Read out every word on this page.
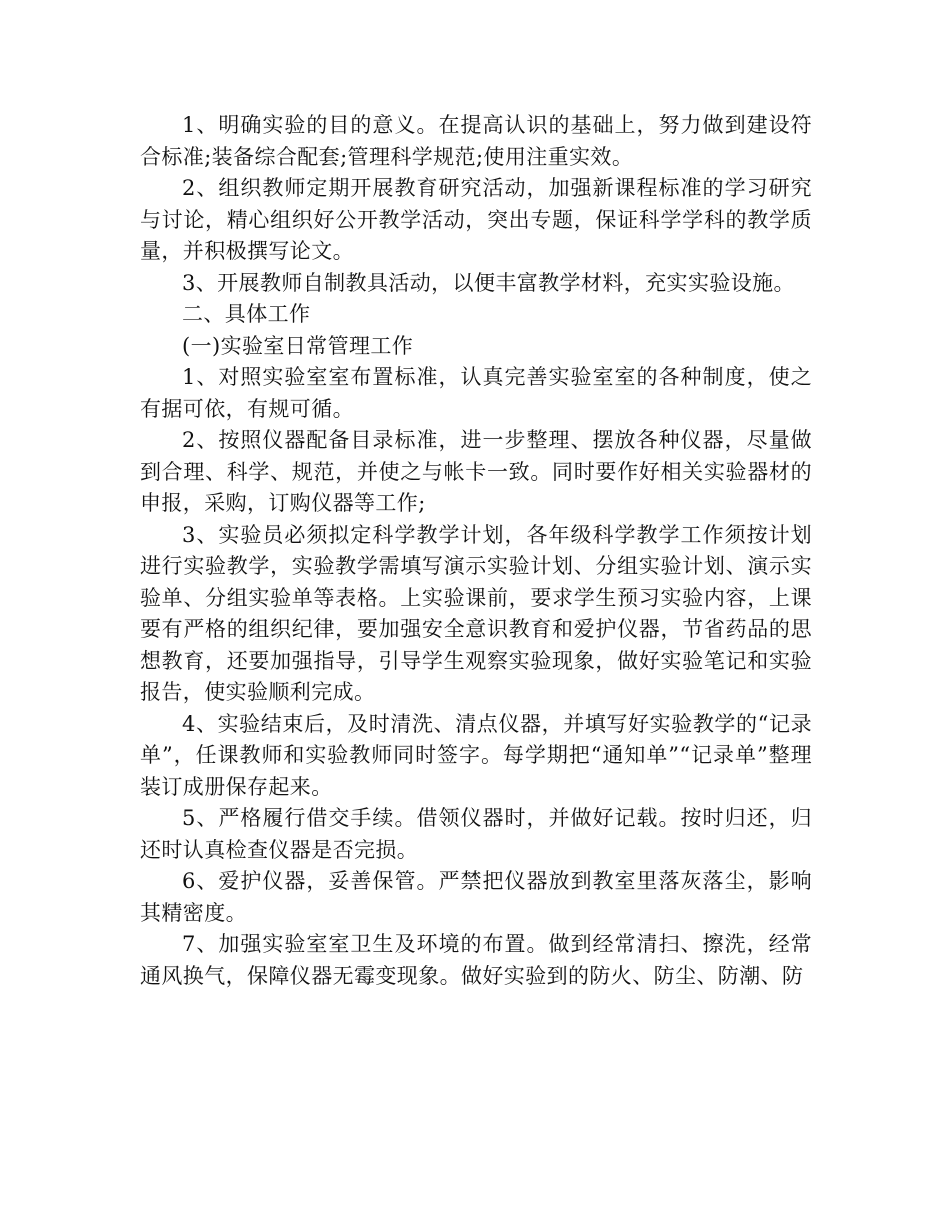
1、明确实验的目的意义。在提高认识的基础上，努力做到建设符合标准;装备综合配套;管理科学规范;使用注重实效。

2、组织教师定期开展教育研究活动，加强新课程标准的学习研究与讨论，精心组织好公开教学活动，突出专题，保证科学学科的教学质量，并积极撰写论文。

3、开展教师自制教具活动，以便丰富教学材料，充实实验设施。

二、具体工作

(一)实验室日常管理工作

1、对照实验室室布置标准，认真完善实验室室的各种制度，使之有据可依，有规可循。

2、按照仪器配备目录标准，进一步整理、摆放各种仪器，尽量做到合理、科学、规范，并使之与帐卡一致。同时要作好相关实验器材的申报，采购，订购仪器等工作;

3、实验员必须拟定科学教学计划，各年级科学教学工作须按计划进行实验教学，实验教学需填写演示实验计划、分组实验计划、演示实验单、分组实验单等表格。上实验课前，要求学生预习实验内容，上课要有严格的组织纪律，要加强安全意识教育和爱护仪器，节省药品的思想教育，还要加强指导，引导学生观察实验现象，做好实验笔记和实验报告，使实验顺利完成。

4、实验结束后，及时清洗、清点仪器，并填写好实验教学的“记录单”，任课教师和实验教师同时签字。每学期把“通知单”“记录单”整理装订成册保存起来。

5、严格履行借交手续。借领仪器时，并做好记载。按时归还，归还时认真检查仪器是否完损。

6、爱护仪器，妥善保管。严禁把仪器放到教室里落灰落尘，影响其精密度。

7、加强实验室室卫生及环境的布置。做到经常清扫、擦洗，经常通风换气，保障仪器无霉变现象。做好实验到的防火、防尘、防潮、防
